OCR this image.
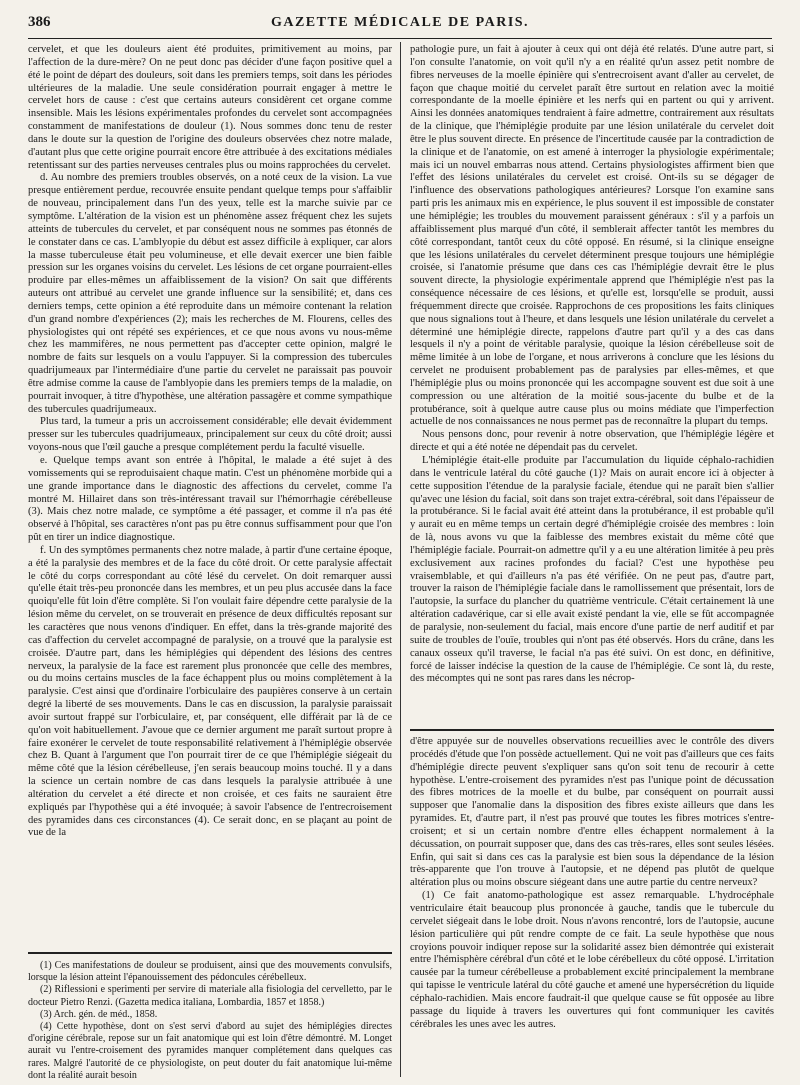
386	GAZETTE MÉDICALE DE PARIS.

cervelet, et que les douleurs aient été produites, primitivement au moins, par l'affection de la dure-mère? On ne peut donc pas décider d'une façon positive quel a été le point de départ des douleurs, soit dans les premiers temps, soit dans les périodes ultérieures de la maladie. Une seule considération pourrait engager à mettre le cervelet hors de cause : c'est que certains auteurs considèrent cet organe comme insensible. Mais les lésions expérimentales profondes du cervelet sont accompagnées constamment de manifestations de douleur (1). Nous sommes donc tenu de rester dans le doute sur la question de l'origine des douleurs observées chez notre malade, d'autant plus que cette origine pourrait encore être attribuée à des excitations médiales retentissant sur des parties nerveuses centrales plus ou moins rapprochées du cervelet.

d. Au nombre des premiers troubles observés, on a noté ceux de la vision. La vue presque entièrement perdue, recouvrée ensuite pendant quelque temps pour s'affaiblir de nouveau, principalement dans l'un des yeux, telle est la marche suivie par ce symptôme. L'altération de la vision est un phénomène assez fréquent chez les sujets atteints de tubercules du cervelet, et par conséquent nous ne sommes pas étonnés de le constater dans ce cas. L'amblyopie du début est assez difficile à expliquer, car alors la masse tuberculeuse était peu volumineuse, et elle devait exercer une bien faible pression sur les organes voisins du cervelet. Les lésions de cet organe pourraient-elles produire par elles-mêmes un affaiblissement de la vision? On sait que différents auteurs ont attribué au cervelet une grande influence sur la sensibilité; et, dans ces derniers temps, cette opinion a été reproduite dans un mémoire contenant la relation d'un grand nombre d'expériences (2); mais les recherches de M. Flourens, celles des physiologistes qui ont répété ses expériences, et ce que nous avons vu nous-même chez les mammifères, ne nous permettent pas d'accepter cette opinion, malgré le nombre de faits sur lesquels on a voulu l'appuyer. Si la compression des tubercules quadrijumeaux par l'intermédiaire d'une partie du cervelet ne paraissait pas pouvoir être admise comme la cause de l'amblyopie dans les premiers temps de la maladie, on pourrait invoquer, à titre d'hypothèse, une altération passagère et comme sympathique des tubercules quadrijumeaux.

Plus tard, la tumeur a pris un accroissement considérable; elle devait évidemment presser sur les tubercules quadrijumeaux, principalement sur ceux du côté droit; aussi voyons-nous que l'œil gauche a presque complétement perdu la faculté visuelle.

e. Quelque temps avant son entrée à l'hôpital, le malade a été sujet à des vomissements qui se reproduisaient chaque matin. C'est un phénomène morbide qui a une grande importance dans le diagnostic des affections du cervelet, comme l'a montré M. Hillairet dans son très-intéressant travail sur l'hémorrhagie cérébelleuse (3). Mais chez notre malade, ce symptôme a été passager, et comme il n'a pas été observé à l'hôpital, ses caractères n'ont pas pu être connus suffisamment pour que l'on pût en tirer un indice diagnostique.

f. Un des symptômes permanents chez notre malade, à partir d'une certaine époque, a été la paralysie des membres et de la face du côté droit. Or cette paralysie affectait le côté du corps correspondant au côté lésé du cervelet. On doit remarquer aussi qu'elle était très-peu prononcée dans les membres, et un peu plus accusée dans la face quoiqu'elle fût loin d'être complète. Si l'on voulait faire dépendre cette paralysie de la lésion même du cervelet, on se trouverait en présence de deux difficultés reposant sur les caractères que nous venons d'indiquer. En effet, dans la très-grande majorité des cas d'affection du cervelet accompagné de paralysie, on a trouvé que la paralysie est croisée. D'autre part, dans les hémiplégies qui dépendent des lésions des centres nerveux, la paralysie de la face est rarement plus prononcée que celle des membres, ou du moins certains muscles de la face échappent plus ou moins complètement à la paralysie. C'est ainsi que d'ordinaire l'orbiculaire des paupières conserve à un certain degré la liberté de ses mouvements. Dans le cas en discussion, la paralysie paraissait avoir surtout frappé sur l'orbiculaire, et, par conséquent, elle différait par là de ce qu'on voit habituellement. J'avoue que ce dernier argument me paraît surtout propre à faire exonérer le cervelet de toute responsabilité relativement à l'hémiplégie observée chez B. Quant à l'argument que l'on pourrait tirer de ce que l'hémiplégie siégeait du même côté que la lésion cérébelleuse, j'en serais beaucoup moins touché. Il y a dans la science un certain nombre de cas dans lesquels la paralysie attribuée à une altération du cervelet a été directe et non croisée, et ces faits ne sauraient être expliqués par l'hypothèse qui a été invoquée; à savoir l'absence de l'entrecroisement des pyramides dans ces circonstances (4). Ce serait donc, en se plaçant au point de vue de la

(1) Ces manifestations de douleur se produisent, ainsi que des mouvements convulsifs, lorsque la lésion atteint l'épanouissement des pédoncules cérébelleux.

(2) Riflessioni e sperimenti per servire di materiale alla fisiologia del cervelletto, par le docteur Pietro Renzi. (Gazetta medica italiana, Lombardia, 1857 et 1858.)

(3) Arch. gén. de méd., 1858.

(4) Cette hypothèse, dont on s'est servi d'abord au sujet des hémiplégies directes d'origine cérébrale, repose sur un fait anatomique qui est loin d'être démontré. M. Longet aurait vu l'entre-croisement des pyramides manquer complétement dans quelques cas rares. Malgré l'autorité de ce physiologiste, on peut douter du fait anatomique lui-même dont la réalité aurait besoin

pathologie pure, un fait à ajouter à ceux qui ont déjà été relatés. D'une autre part, si l'on consulte l'anatomie, on voit qu'il n'y a en réalité qu'un assez petit nombre de fibres nerveuses de la moelle épinière qui s'entrecroisent avant d'aller au cervelet, de façon que chaque moitié du cervelet paraît être surtout en relation avec la moitié correspondante de la moelle épinière et les nerfs qui en partent ou qui y arrivent. Ainsi les données anatomiques tendraient à faire admettre, contrairement aux résultats de la clinique, que l'hémiplégie produite par une lésion unilatérale du cervelet doit être le plus souvent directe. En présence de l'incertitude causée par la contradiction de la clinique et de l'anatomie, on est amené à interroger la physiologie expérimentale; mais ici un nouvel embarras nous attend. Certains physiologistes affirment bien que l'effet des lésions unilatérales du cervelet est croisé. Ont-ils su se dégager de l'influence des observations pathologiques antérieures? Lorsque l'on examine sans parti pris les animaux mis en expérience, le plus souvent il est impossible de constater une hémiplégie; les troubles du mouvement paraissent généraux : s'il y a parfois un affaiblissement plus marqué d'un côté, il semblerait affecter tantôt les membres du côté correspondant, tantôt ceux du côté opposé. En résumé, si la clinique enseigne que les lésions unilatérales du cervelet déterminent presque toujours une hémiplégie croisée, si l'anatomie présume que dans ces cas l'hémiplégie devrait être le plus souvent directe, la physiologie expérimentale apprend que l'hémiplégie n'est pas la conséquence nécessaire de ces lésions, et qu'elle est, lorsqu'elle se produit, aussi fréquemment directe que croisée. Rapprochons de ces propositions les faits cliniques que nous signalions tout à l'heure, et dans lesquels une lésion unilatérale du cervelet a déterminé une hémiplégie directe, rappelons d'autre part qu'il y a des cas dans lesquels il n'y a point de véritable paralysie, quoique la lésion cérébelleuse soit de même limitée à un lobe de l'organe, et nous arriverons à conclure que les lésions du cervelet ne produisent probablement pas de paralysies par elles-mêmes, et que l'hémiplégie plus ou moins prononcée qui les accompagne souvent est due soit à une compression ou une altération de la moitié sous-jacente du bulbe et de la protubérance, soit à quelque autre cause plus ou moins médiate que l'imperfection actuelle de nos connaissances ne nous permet pas de reconnaître la plupart du temps.

Nous pensons donc, pour revenir à notre observation, que l'hémiplégie légère et directe et qui a été notée ne dépendait pas du cervelet.

L'hémiplégie était-elle produite par l'accumulation du liquide céphalo-rachidien dans le ventricule latéral du côté gauche (1)? Mais on aurait encore ici à objecter à cette supposition l'étendue de la paralysie faciale, étendue qui ne paraît bien s'allier qu'avec une lésion du facial, soit dans son trajet extra-cérébral, soit dans l'épaisseur de la protubérance. Si le facial avait été atteint dans la protubérance, il est probable qu'il y aurait eu en même temps un certain degré d'hémiplégie croisée des membres : loin de là, nous avons vu que la faiblesse des membres existait du même côté que l'hémiplégie faciale. Pourrait-on admettre qu'il y a eu une altération limitée à peu près exclusivement aux racines profondes du facial? C'est une hypothèse peu vraisemblable, et qui d'ailleurs n'a pas été vérifiée. On ne peut pas, d'autre part, trouver la raison de l'hémiplégie faciale dans le ramollissement que présentait, lors de l'autopsie, la surface du plancher du quatrième ventricule. C'était certainement là une altération cadavérique, car si elle avait existé pendant la vie, elle se fût accompagnée de paralysie, non-seulement du facial, mais encore d'une partie de nerf auditif et par suite de troubles de l'ouïe, troubles qui n'ont pas été observés. Hors du crâne, dans les canaux osseux qu'il traverse, le facial n'a pas été suivi. On est donc, en définitive, forcé de laisser indécise la question de la cause de l'hémiplégie. Ce sont là, du reste, des mécomptes qui ne sont pas rares dans les nécrop-

d'être appuyée sur de nouvelles observations recueillies avec le contrôle des divers procédés d'étude que l'on possède actuellement. Qui ne voit pas d'ailleurs que ces faits d'hémiplégie directe peuvent s'expliquer sans qu'on soit tenu de recourir à cette hypothèse. L'entre-croisement des pyramides n'est pas l'unique point de décussation des fibres motrices de la moelle et du bulbe, par conséquent on pourrait aussi supposer que l'anomalie dans la disposition des fibres existe ailleurs que dans les pyramides. Et, d'autre part, il n'est pas prouvé que toutes les fibres motrices s'entre-croisent; et si un certain nombre d'entre elles échappent normalement à la décussation, on pourrait supposer que, dans des cas très-rares, elles sont seules lésées. Enfin, qui sait si dans ces cas la paralysie est bien sous la dépendance de la lésion très-apparente que l'on trouve à l'autopsie, et ne dépend pas plutôt de quelque altération plus ou moins obscure siégeant dans une autre partie du centre nerveux?

(1) Ce fait anatomo-pathologique est assez remarquable. L'hydrocéphale ventriculaire était beaucoup plus prononcée à gauche, tandis que le tubercule du cervelet siégeait dans le lobe droit. Nous n'avons rencontré, lors de l'autopsie, aucune lésion particulière qui pût rendre compte de ce fait. La seule hypothèse que nous croyions pouvoir indiquer repose sur la solidarité assez bien démontrée qui existerait entre l'hémisphère cérébral d'un côté et le lobe cérébelleux du côté opposé. L'irritation causée par la tumeur cérébelleuse a probablement excité principalement la membrane qui tapisse le ventricule latéral du côté gauche et amené une hypersécrétion du liquide céphalo-rachidien. Mais encore faudrait-il que quelque cause se fût opposée au libre passage du liquide à travers les ouvertures qui font communiquer les cavités cérébrales les unes avec les autres.
